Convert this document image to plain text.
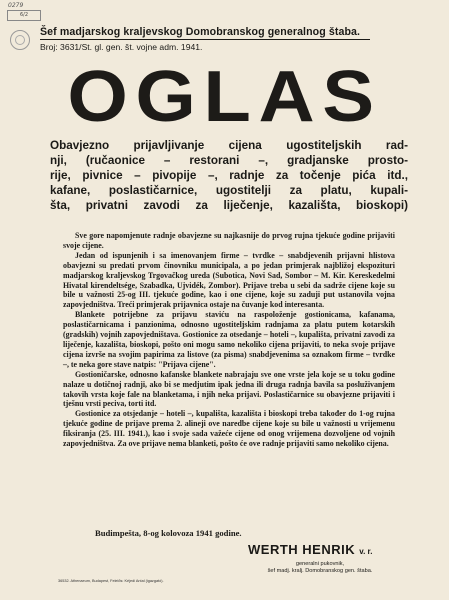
0279
6/2
Šef madjarskog kraljevskog Domobranskog generalnog štaba.
Broj: 3631/St. gl. gen. št. vojne adm. 1941.
OGLAS
Obavjezno prijavljivanje cijena ugostiteljskih rad-
nji, (ručaonice – restorani –, gradjanske prosto-
rije, pivnice – pivopije –, radnje za točenje pića itd.,
kafane, poslastičarnice, ugostitelji za platu, kupali-
šta, privatni zavodi za liječenje, kazališta, bioskopi)

Sve gore napomjenute radnje obavjezne su najkasnije do prvog rujna tjekuće godine prijaviti svoje cijene.

Jedan od ispunjenih i sa imenovanjem firme – tvrdke – snabdjevenih prijavni hlistova obavjezni su predati prvom činovniku municipala, a po jedan primjerak najbližoj ekspozituri madjarskog kraljevskog Trgovačkog ureda (Subotica, Novi Sad, Sombor – M. Kir. Kereskedelmi Hivatal kirendeltsége, Szabadka, Ujvidék, Zombor). Prijave treba u sebi da sadrže cijene koje su bile u važnosti 25-og III. tjekuće godine, kao i one cijene, koje su zaduji put ustanovila vojna zapovjedništva. Treći primjerak prijavnica ostaje na čuvanje kod interesanta.

Blankete potrijebne za prijavu staviću na raspoloženje gostionicama, kafanama, poslastičarnicama i panzionima, odnosno ugostiteljskim radnjama za platu putem kotarskih (gradskih) vojnih zapovjedništava. Gostionice za otsedanje – hoteli –, kupališta, privatni zavodi za liječenje, kazališta, bioskopi, pošto oni mogu samo nekoliko cijena prijaviti, to neka svoje prijave cijena izvrše na svojim papirima za listove (za pisma) snabdjevenima sa oznakom firme – tvrdke –, te neka gore stave natpis: "Prijava cijene".

Gostioničarske, odnosno kafanske blankete nabrajaju sve one vrste jela koje se u toku godine nalaze u dotičnoj radnji, ako bi se medjutim ipak jedna ili druga radnja bavila sa posluživanjem takovih vrsta koje fale na blanketama, i njih neka prijavi. Poslastičarnice su obavjezne prijaviti i tješnu vrsti peciva, torti itd.

Gostionice za otsjedanje – hoteli –, kupališta, kazališta i bioskopi treba također do 1-og rujna tjekuće godine de prijave prema 2. alineji ove naredbe cijene koje su bile u važnosti u vrijemenu fiksiranja (25. III. 1941.), kao i svoje sada važeće cijene od onog vrijemena dozvoljene od vojnih zapovjedništva. Za ove prijave nema blanketi, pošto će ove radnje prijaviti samo nekoliko cijena.

Budimpešta, 8-og kolovoza 1941 godine.
WERTH HENRIK v. r.
generalni pukovnik,
šef madj. kralj. Domobranskog gen. štaba.
36532. Athenaeum, Budapest, Felelős: Kéjedi Antal (igazgató).
